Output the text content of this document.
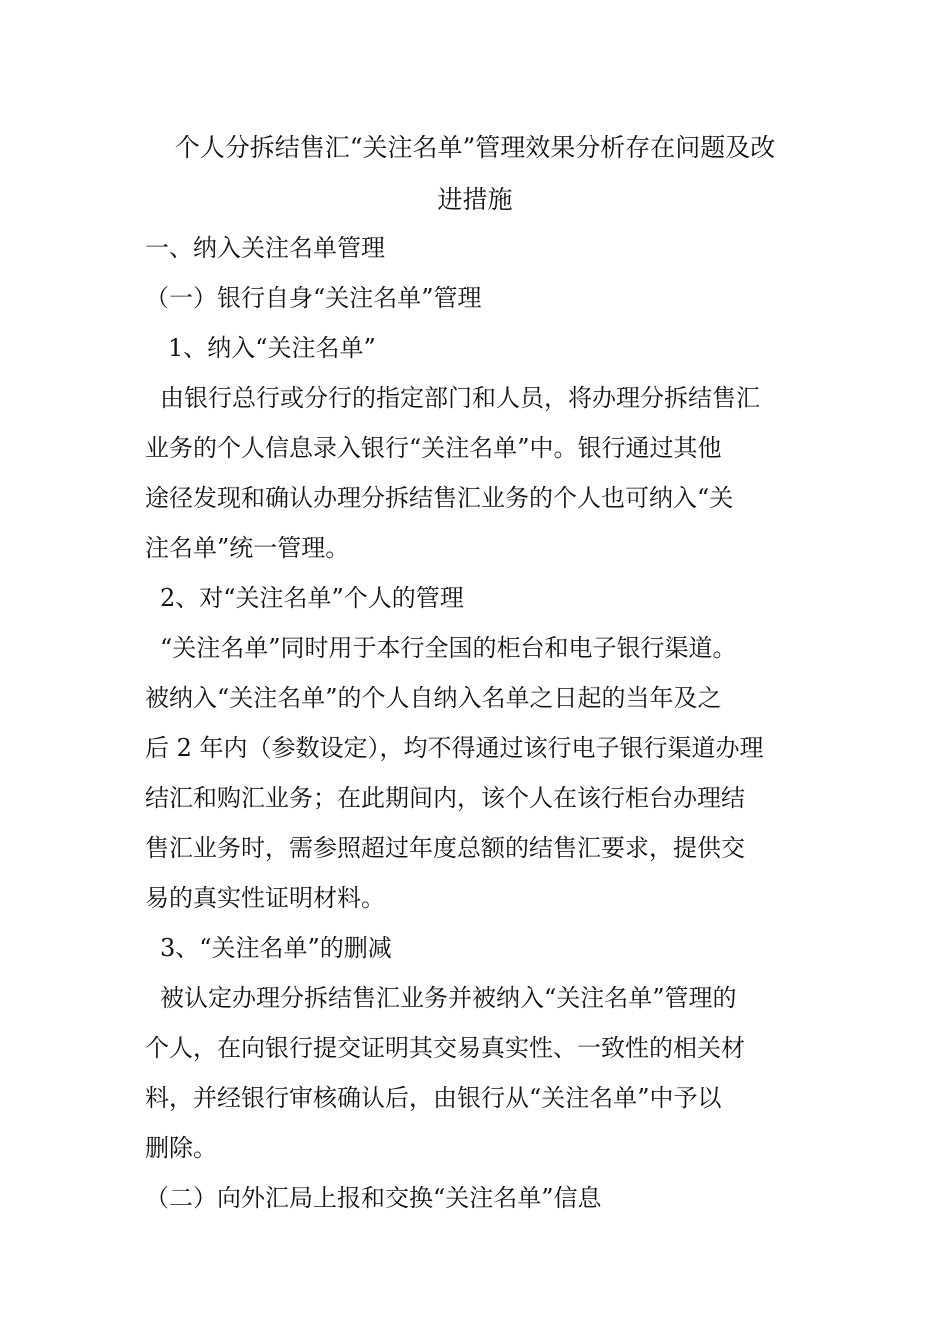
个人分拆结售汇“关注名单”管理效果分析存在问题及改
进措施
一、纳入关注名单管理
（一）银行自身“关注名单”管理
1、纳入“关注名单”
由银行总行或分行的指定部门和人员，将办理分拆结售汇
业务的个人信息录入银行“关注名单”中。银行通过其他
途径发现和确认办理分拆结售汇业务的个人也可纳入“关
注名单”统一管理。
2、对“关注名单”个人的管理
“关注名单”同时用于本行全国的柜台和电子银行渠道。
被纳入“关注名单”的个人自纳入名单之日起的当年及之
后 2 年内（参数设定），均不得通过该行电子银行渠道办理
结汇和购汇业务；在此期间内，该个人在该行柜台办理结
售汇业务时，需参照超过年度总额的结售汇要求，提供交
易的真实性证明材料。
3、“关注名单”的删减
被认定办理分拆结售汇业务并被纳入“关注名单”管理的
个人，在向银行提交证明其交易真实性、一致性的相关材
料，并经银行审核确认后，由银行从“关注名单”中予以
删除。
（二）向外汇局上报和交换“关注名单”信息
